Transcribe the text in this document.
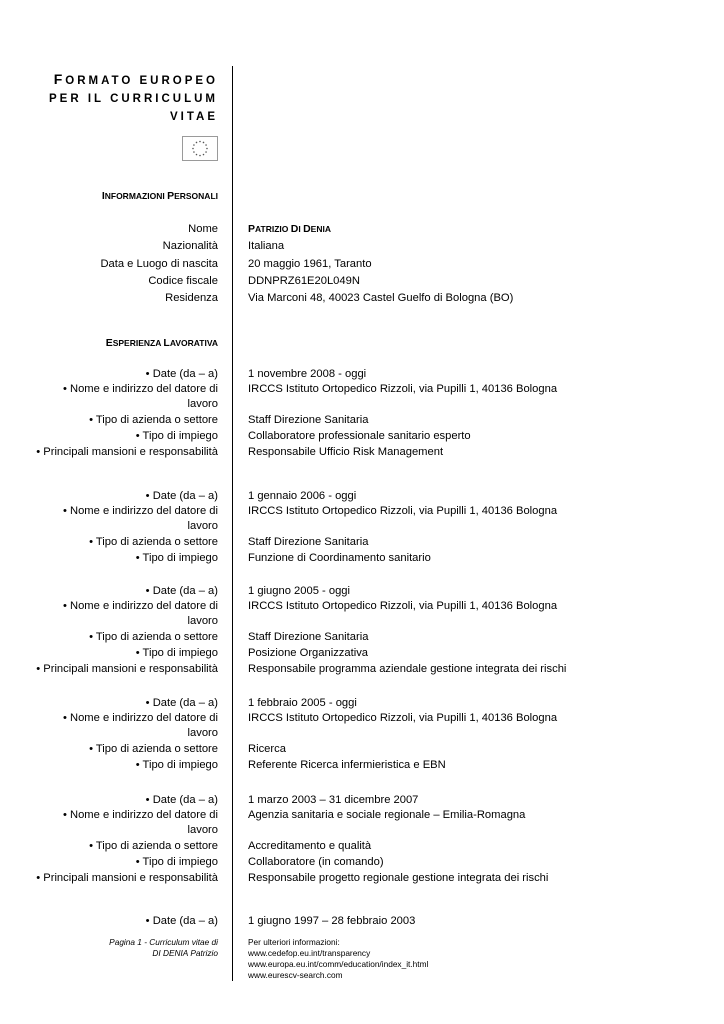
FORMATO EUROPEO
PER IL CURRICULUM
VITAE
INFORMAZIONI PERSONALI
Nome	PATRIZIO DI DENIA
Nazionalità	Italiana
Data e Luogo di nascita	20 maggio 1961, Taranto
Codice fiscale	DDNPRZ61E20L049N
Residenza	Via Marconi 48, 40023 Castel Guelfo di Bologna (BO)
ESPERIENZA LAVORATIVA
• Date (da – a)	1 novembre 2008 - oggi
• Nome e indirizzo del datore di	IRCCS Istituto Ortopedico Rizzoli, via Pupilli 1, 40136 Bologna
lavoro
• Tipo di azienda o settore	Staff Direzione Sanitaria
• Tipo di impiego	Collaboratore professionale sanitario esperto
• Principali mansioni e responsabilità	Responsabile Ufficio Risk Management
• Date (da – a)	1 gennaio 2006 - oggi
• Nome e indirizzo del datore di	IRCCS Istituto Ortopedico Rizzoli, via Pupilli 1, 40136 Bologna
lavoro
• Tipo di azienda o settore	Staff Direzione Sanitaria
• Tipo di impiego	Funzione di Coordinamento sanitario
• Date (da – a)	1 giugno 2005 - oggi
• Nome e indirizzo del datore di	IRCCS Istituto Ortopedico Rizzoli, via Pupilli 1, 40136 Bologna
lavoro
• Tipo di azienda o settore	Staff Direzione Sanitaria
• Tipo di impiego	Posizione Organizzativa
• Principali mansioni e responsabilità	Responsabile programma aziendale gestione integrata dei rischi
• Date (da – a)	1 febbraio 2005 - oggi
• Nome e indirizzo del datore di	IRCCS Istituto Ortopedico Rizzoli, via Pupilli 1, 40136 Bologna
lavoro
• Tipo di azienda o settore	Ricerca
• Tipo di impiego	Referente Ricerca infermieristica e EBN
• Date (da – a)	1 marzo 2003 – 31 dicembre 2007
• Nome e indirizzo del datore di	Agenzia sanitaria e sociale regionale – Emilia-Romagna
lavoro
• Tipo di azienda o settore	Accreditamento e qualità
• Tipo di impiego	Collaboratore (in comando)
• Principali mansioni e responsabilità	Responsabile progetto regionale gestione integrata dei rischi
• Date (da – a)	1 giugno 1997 – 28 febbraio 2003
Pagina 1 - Curriculum vitae di
DI DENIA Patrizio
Per ulteriori informazioni:
www.cedefop.eu.int/transparency
www.europa.eu.int/comm/education/index_it.html
www.eurescv-search.com
